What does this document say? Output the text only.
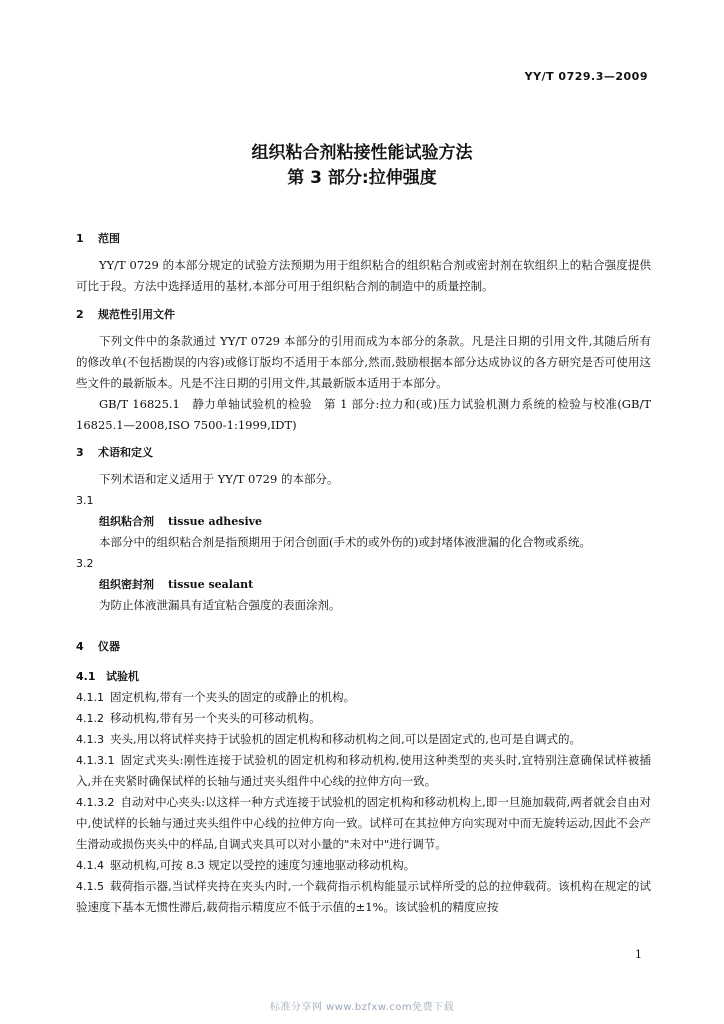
YY/T 0729.3—2009
组织粘合剂粘接性能试验方法
第 3 部分:拉伸强度
1 范围

YY/T 0729 的本部分规定的试验方法预期为用于组织粘合的组织粘合剂或密封剂在软组织上的粘合强度提供可比于段。方法中选择适用的基材,本部分可用于组织粘合剂的制造中的质量控制。

2 规范性引用文件

下列文件中的条款通过 YY/T 0729 本部分的引用而成为本部分的条款。凡是注日期的引用文件,其随后所有的修改单(不包括勘误的内容)或修订版均不适用于本部分,然而,鼓励根据本部分达成协议的各方研究是否可使用这些文件的最新版本。凡是不注日期的引用文件,其最新版本适用于本部分。

GB/T 16825.1　静力单轴试验机的检验　第 1 部分:拉力和(或)压力试验机测力系统的检验与校准(GB/T 16825.1—2008,ISO 7500-1:1999,IDT)

3 术语和定义

下列术语和定义适用于 YY/T 0729 的本部分。

3.1
组织粘合剂 tissue adhesive

本部分中的组织粘合剂是指预期用于闭合创面(手术的或外伤的)或封堵体液泄漏的化合物或系统。

3.2
组织密封剂 tissue sealant

为防止体液泄漏具有适宜粘合强度的表面涂剂。

4 仪器
4.1 试验机

4.1.1 固定机构,带有一个夹头的固定的或静止的机构。

4.1.2 移动机构,带有另一个夹头的可移动机构。

4.1.3 夹头,用以将试样夹持于试验机的固定机构和移动机构之间,可以是固定式的,也可是自调式的。

4.1.3.1 固定式夹头:刚性连接于试验机的固定机构和移动机构,使用这种类型的夹头时,宜特别注意确保试样被插入,并在夹紧时确保试样的长轴与通过夹头组件中心线的拉伸方向一致。

4.1.3.2 自动对中心夹头:以这样一种方式连接于试验机的固定机构和移动机构上,即一旦施加载荷,两者就会自由对中,使试样的长轴与通过夹头组件中心线的拉伸方向一致。试样可在其拉伸方向实现对中而无旋转运动,因此不会产生滑动或损伤夹头中的样品,自调式夹具可以对小量的"未对中"进行调节。

4.1.4 驱动机构,可按 8.3 规定以受控的速度匀速地驱动移动机构。

4.1.5 载荷指示器,当试样夹持在夹头内时,一个载荷指示机构能显示试样所受的总的拉伸载荷。该机构在规定的试验速度下基本无惯性滞后,载荷指示精度应不低于示值的±1%。该试验机的精度应按

1
标准分享网 www.bzfxw.com免费下载
